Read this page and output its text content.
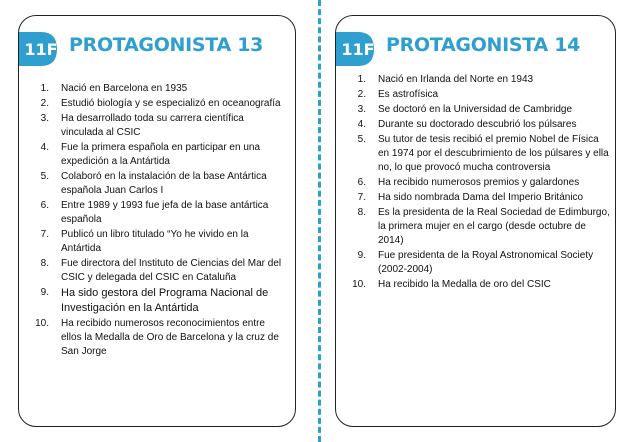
11F PROTAGONISTA 13
1. Nació en Barcelona en 1935
2. Estudió biología y se especializó en oceanografía
3. Ha desarrollado toda su carrera científica vinculada al CSIC
4. Fue la primera española en participar en una expedición a la Antártida
5. Colaboró en la instalación de la base Antártica española Juan Carlos I
6. Entre 1989 y 1993 fue jefa de la base antártica española
7. Publicó un libro titulado “Yo he vivido en la Antártida
8. Fue directora del Instituto de Ciencias del Mar del CSIC y delegada del CSIC en Cataluña
9. Ha sido gestora del Programa Nacional de Investigación en la Antártida
10. Ha recibido numerosos reconocimientos entre ellos la Medalla de Oro de Barcelona y la cruz de San Jorge
11F PROTAGONISTA 14
1. Nació en Irlanda del Norte en 1943
2. Es astrofísica
3. Se doctoró en la Universidad de Cambridge
4. Durante su doctorado descubrió los púlsares
5. Su tutor de tesis recibió el premio Nobel de Física en 1974 por el descubrimiento de los púlsares y ella no, lo que provocó mucha controversia
6. Ha recibido numerosos premios y galardones
7. Ha sido nombrada Dama del Imperio Británico
8. Es la presidenta de la Real Sociedad de Edimburgo, la primera mujer en el cargo (desde octubre de 2014)
9. Fue presidenta de la Royal Astronomical Society (2002-2004)
10. Ha recibido la Medalla de oro del CSIC
